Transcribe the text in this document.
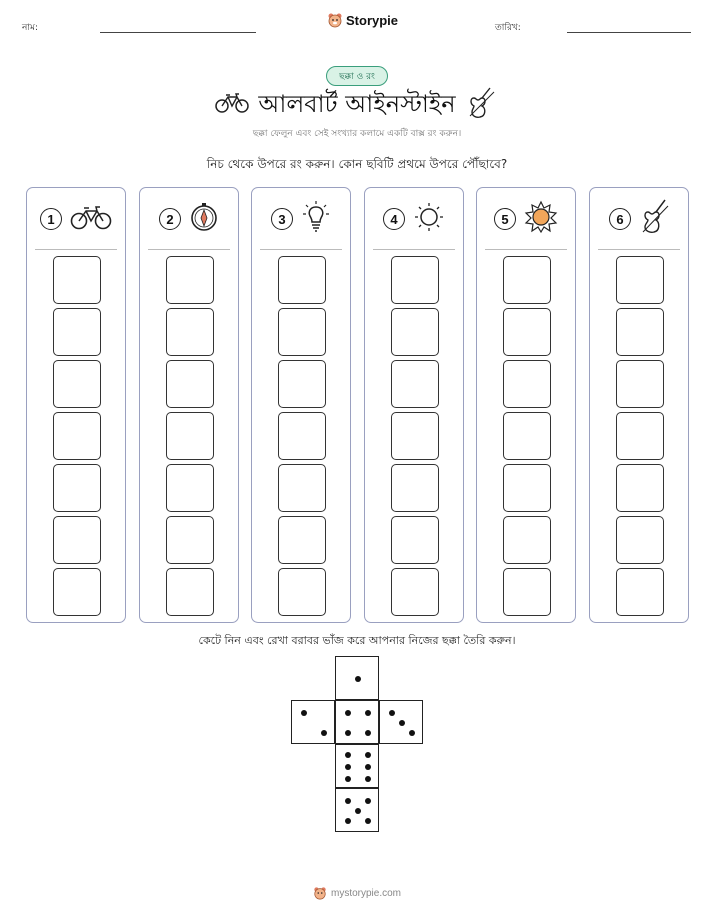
নাম:
Storypie
তারিখ:
ছক্কা ও রং
আলবার্ট আইনস্টাইন
ছক্কা ফেলুন এবং সেই সংখ্যার কলামে একটি বাক্স রং করুন।
নিচ থেকে উপরে রং করুন। কোন ছবিটি প্রথমে উপরে পৌঁছাবে?
1	2	3	4	5	6
কেটে নিন এবং রেখা বরাবর ভাঁজ করে আপনার নিজের ছক্কা তৈরি করুন।
mystorypie.com
